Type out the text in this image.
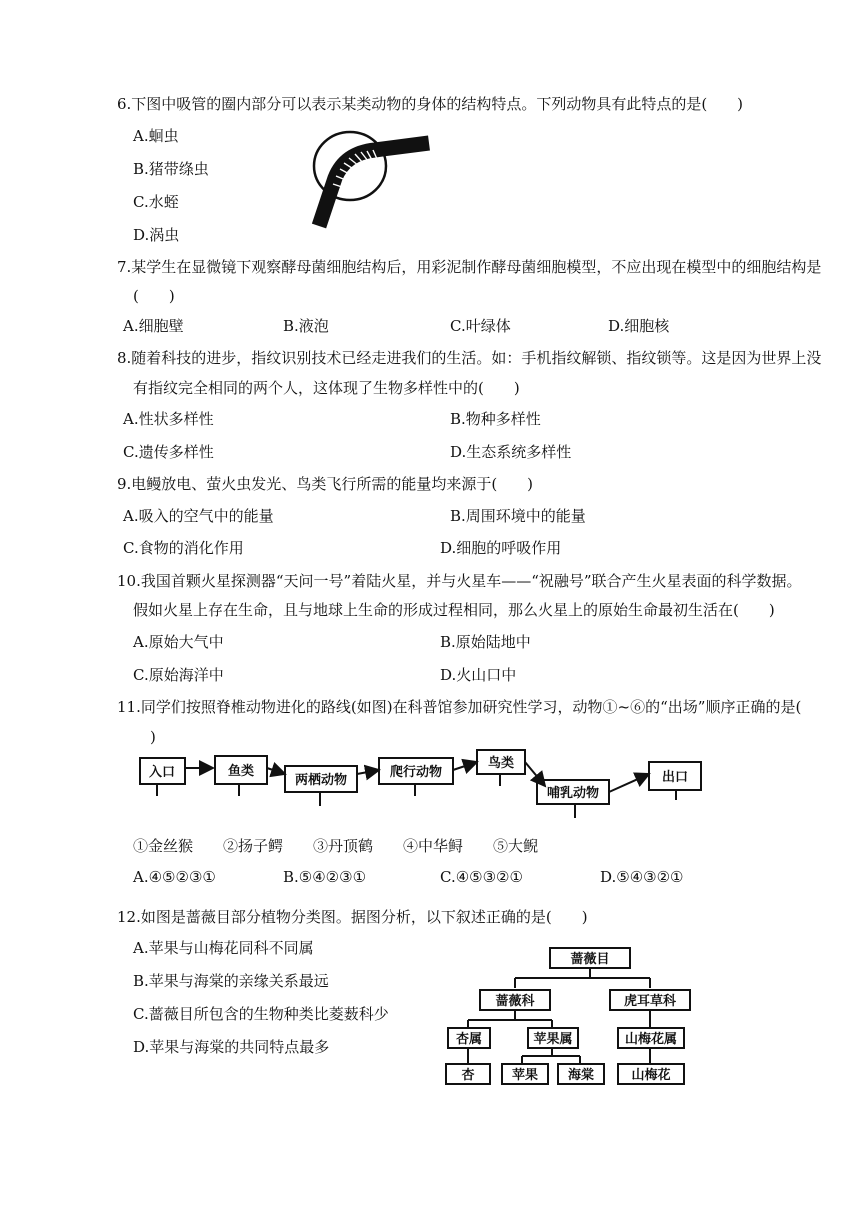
6.下图中吸管的圈内部分可以表示某类动物的身体的结构特点。下列动物具有此特点的是(　　)
A.蛔虫
B.猪带绦虫
C.水蛭
D.涡虫
7.某学生在显微镜下观察酵母菌细胞结构后，用彩泥制作酵母菌细胞模型，不应出现在模型中的细胞结构是
(　　)
A.细胞壁	B.液泡	C.叶绿体	D.细胞核
8.随着科技的进步，指纹识别技术已经走进我们的生活。如：手机指纹解锁、指纹锁等。这是因为世界上没
有指纹完全相同的两个人，这体现了生物多样性中的(　　)
A.性状多样性	B.物种多样性
C.遗传多样性	D.生态系统多样性
9.电鳗放电、萤火虫发光、鸟类飞行所需的能量均来源于(　　)
A.吸入的空气中的能量	B.周围环境中的能量
C.食物的消化作用	D.细胞的呼吸作用
10.我国首颗火星探测器“天问一号”着陆火星，并与火星车——“祝融号”联合产生火星表面的科学数据。
假如火星上存在生命，且与地球上生命的形成过程相同，那么火星上的原始生命最初生活在(　　)
A.原始大气中	B.原始陆地中
C.原始海洋中	D.火山口中
11.同学们按照脊椎动物进化的路线(如图)在科普馆参加研究性学习，动物①~⑥的“出场”顺序正确的是(
)
入口	鱼类
两栖动物
爬行动物
鸟类
哺乳动物
出口
①金丝猴　　②扬子鳄　　③丹顶鹤　　④中华鲟　　⑤大鲵
A.④⑤②③①	B.⑤④②③①	C.④⑤③②①	D.⑤④③②①
12.如图是蔷薇目部分植物分类图。据图分析，以下叙述正确的是(　　)
A.苹果与山梅花同科不同属
B.苹果与海棠的亲缘关系最远
C.蔷薇目所包含的生物种类比菱薮科少
D.苹果与海棠的共同特点最多
蔷薇目
蔷薇科	虎耳草科
杏属	苹果属	山梅花属
杏	苹果 海棠	山梅花
